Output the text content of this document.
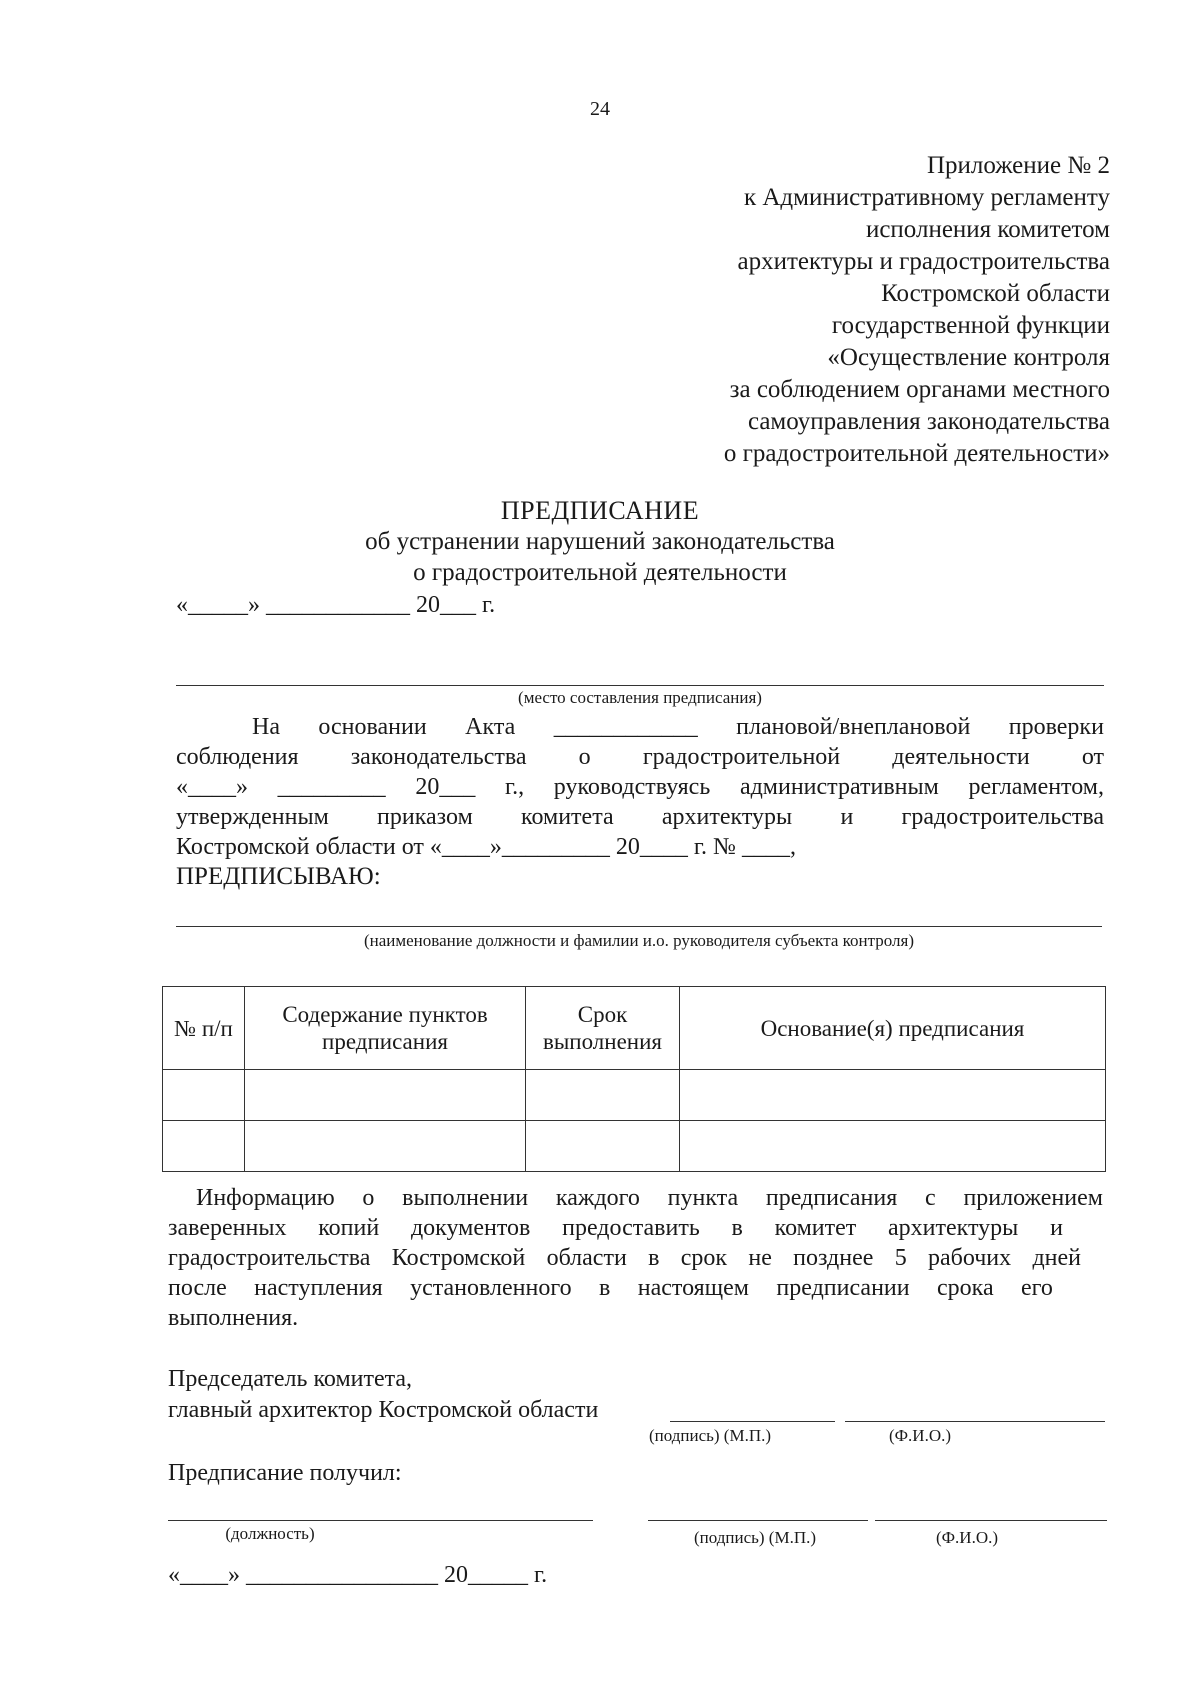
24
Приложение № 2
к Административному регламенту
исполнения комитетом
архитектуры и градостроительства
Костромской области
государственной функции
«Осуществление контроля
за соблюдением органами местного
самоуправления законодательства
о градостроительной деятельности»
ПРЕДПИСАНИЕ
об устранении нарушений законодательства
о градостроительной деятельности
«_____» ____________ 20___ г.
(место составления предписания)
На основании Акта ____________ плановой/внеплановой проверки
соблюдения законодательства о градостроительной деятельности от
«____» _________ 20___ г., руководствуясь административным регламентом,
утвержденным приказом комитета архитектуры и градостроительства
Костромской области от «____»_________ 20____ г. № ____,
ПРЕДПИСЫВАЮ:
(наименование должности и фамилии и.о. руководителя субъекта контроля)
№ п/п	Содержание пунктов предписания	Срок выполнения	Основание(я) предписания

Информацию о выполнении каждого пункта предписания с приложением
заверенных копий документов предоставить в комитет архитектуры и
градостроительства Костромской области в срок не позднее 5 рабочих дней
после наступления установленного в настоящем предписании срока его
выполнения.
Председатель комитета,
главный архитектор Костромской области
(подпись) (М.П.)	(Ф.И.О.)
Предписание получил:
(должность)	(подпись) (М.П.)	(Ф.И.О.)
«____» ________________ 20_____ г.
